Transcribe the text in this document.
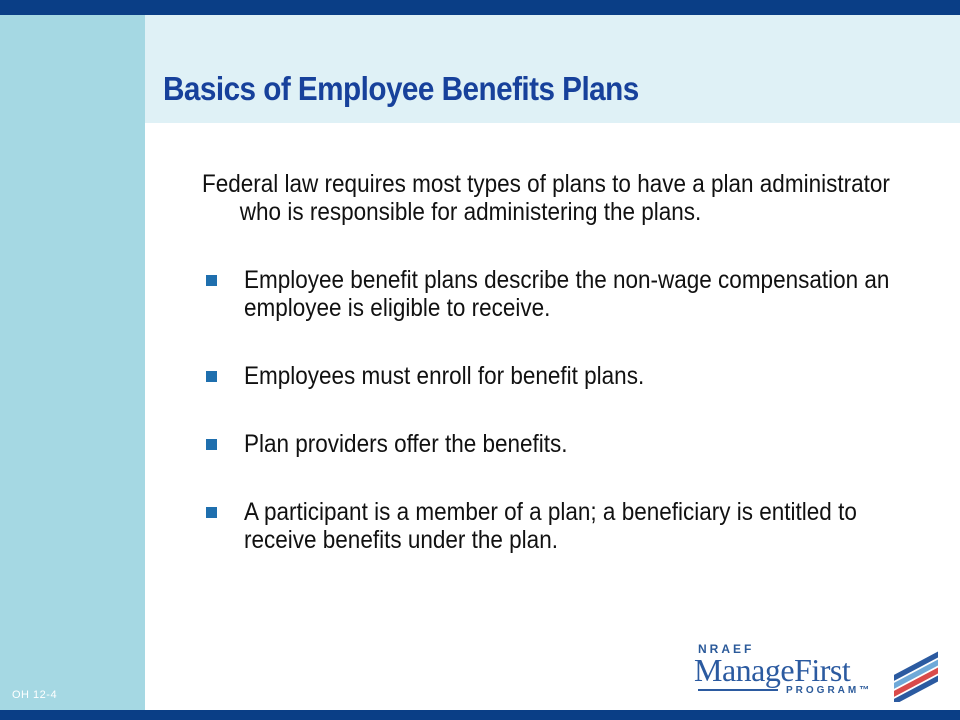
Basics of Employee Benefits Plans

Federal law requires most types of plans to have a plan administrator who is responsible for administering the plans.

Employee benefit plans describe the non-wage compensation an employee is eligible to receive.
Employees must enroll for benefit plans.
Plan providers offer the benefits.
A participant is a member of a plan; a beneficiary is entitled to receive benefits under the plan.
OH 12-4
NRAEF
ManageFirst
PROGRAM™
